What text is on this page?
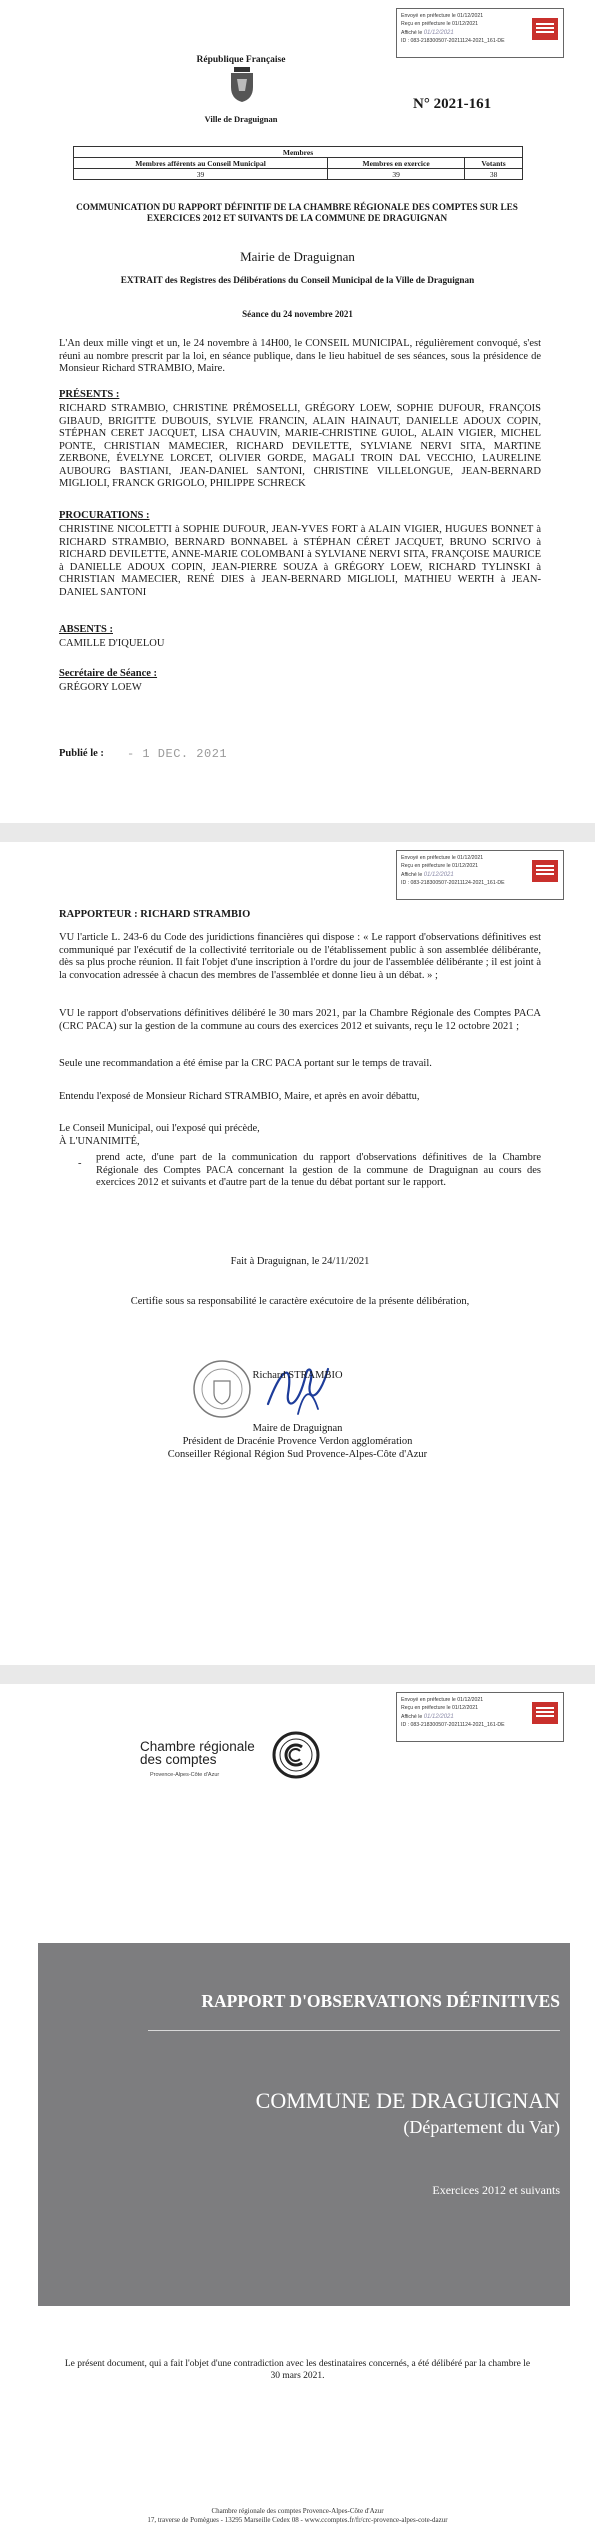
Envoyé en préfecture le 01/12/2021
Reçu en préfecture le 01/12/2021
Affiché le 01/12/2021
ID : 083-218300507-20211124-2021_161-DE
République Française
Ville de Draguignan
N° 2021-161
Membres		
Membres afférents au Conseil Municipal	Membres en exercice	Votants
39	39	38
COMMUNICATION DU RAPPORT DÉFINITIF DE LA CHAMBRE RÉGIONALE DES COMPTES SUR LES EXERCICES 2012 ET SUIVANTS DE LA COMMUNE DE DRAGUIGNAN
Mairie de Draguignan
EXTRAIT des Registres des Délibérations du Conseil Municipal de la Ville de Draguignan
Séance du 24 novembre 2021

L'An deux mille vingt et un, le 24 novembre à 14H00, le CONSEIL MUNICIPAL, régulièrement convoqué, s'est réuni au nombre prescrit par la loi, en séance publique, dans le lieu habituel de ses séances, sous la présidence de Monsieur Richard STRAMBIO, Maire.

PRÉSENTS :

RICHARD STRAMBIO, CHRISTINE PRÉMOSELLI, GRÉGORY LOEW, SOPHIE DUFOUR, FRANÇOIS GIBAUD, BRIGITTE DUBOUIS, SYLVIE FRANCIN, ALAIN HAINAUT, DANIELLE ADOUX COPIN, STÉPHAN CERET JACQUET, LISA CHAUVIN, MARIE-CHRISTINE GUIOL, ALAIN VIGIER, MICHEL PONTE, CHRISTIAN MAMECIER, RICHARD DEVILETTE, SYLVIANE NERVI SITA, MARTINE ZERBONE, ÉVELYNE LORCET, OLIVIER GORDE, MAGALI TROIN DAL VECCHIO, LAURELINE AUBOURG BASTIANI, JEAN-DANIEL SANTONI, CHRISTINE VILLELONGUE, JEAN-BERNARD MIGLIOLI, FRANCK GRIGOLO, PHILIPPE SCHRECK

PROCURATIONS :

CHRISTINE NICOLETTI à SOPHIE DUFOUR, JEAN-YVES FORT à ALAIN VIGIER, HUGUES BONNET à RICHARD STRAMBIO, BERNARD BONNABEL à STÉPHAN CÉRET JACQUET, BRUNO SCRIVO à RICHARD DEVILETTE, ANNE-MARIE COLOMBANI à SYLVIANE NERVI SITA, FRANÇOISE MAURICE à DANIELLE ADOUX COPIN, JEAN-PIERRE SOUZA à GRÉGORY LOEW, RICHARD TYLINSKI à CHRISTIAN MAMECIER, RENÉ DIES à JEAN-BERNARD MIGLIOLI, MATHIEU WERTH à JEAN-DANIEL SANTONI

ABSENTS :
CAMILLE D'IQUELOU
Secrétaire de Séance :
GRÉGORY LOEW
Publié le : - 1 DEC. 2021
Envoyé en préfecture le 01/12/2021
Reçu en préfecture le 01/12/2021
Affiché le 01/12/2021
ID : 083-218300507-20211124-2021_161-DE
RAPPORTEUR : RICHARD STRAMBIO

VU l'article L. 243-6 du Code des juridictions financières qui dispose : « Le rapport d'observations définitives est communiqué par l'exécutif de la collectivité territoriale ou de l'établissement public à son assemblée délibérante, dès sa plus proche réunion. Il fait l'objet d'une inscription à l'ordre du jour de l'assemblée délibérante ; il est joint à la convocation adressée à chacun des membres de l'assemblée et donne lieu à un débat. » ;

VU le rapport d'observations définitives délibéré le 30 mars 2021, par la Chambre Régionale des Comptes PACA (CRC PACA) sur la gestion de la commune au cours des exercices 2012 et suivants, reçu le 12 octobre 2021 ;

Seule une recommandation a été émise par la CRC PACA portant sur le temps de travail.

Entendu l'exposé de Monsieur Richard STRAMBIO, Maire, et après en avoir débattu,

Le Conseil Municipal, oui l'exposé qui précède,

À L'UNANIMITÉ,

-

prend acte, d'une part de la communication du rapport d'observations définitives de la Chambre Régionale des Comptes PACA concernant la gestion de la commune de Draguignan au cours des exercices 2012 et suivants et d'autre part de la tenue du débat portant sur le rapport.

Fait à Draguignan, le 24/11/2021

Certifie sous sa responsabilité le caractère exécutoire de la présente délibération,

Richard STRAMBIO
Maire de Draguignan
Président de Dracénie Provence Verdon agglomération
Conseiller Régional Région Sud Provence-Alpes-Côte d'Azur
Envoyé en préfecture le 01/12/2021
Reçu en préfecture le 01/12/2021
Affiché le 01/12/2021
ID : 083-218300507-20211124-2021_161-DE
Chambre régionale
des comptes
Provence-Alpes-Côte d'Azur
RAPPORT D'OBSERVATIONS DÉFINITIVES
COMMUNE DE DRAGUIGNAN
(Département du Var)
Exercices 2012 et suivants
Le présent document, qui a fait l'objet d'une contradiction avec les destinataires concernés, a été délibéré par la chambre le 30 mars 2021.
Chambre régionale des comptes Provence-Alpes-Côte d'Azur
17, traverse de Pomègues - 13295 Marseille Cedex 08 - www.ccomptes.fr/fr/crc-provence-alpes-cote-dazur
